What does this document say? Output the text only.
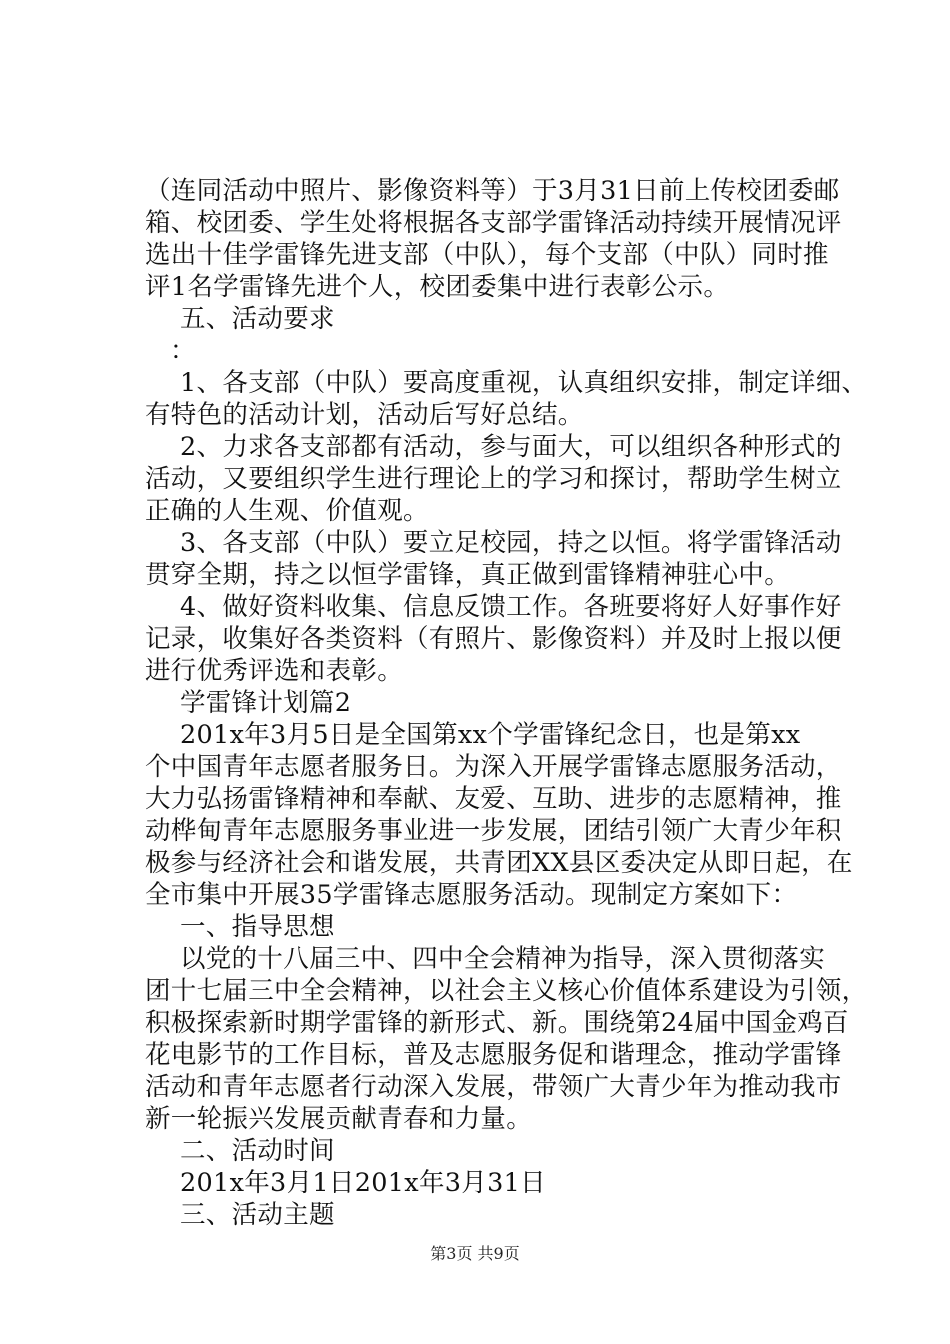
（连同活动中照片、影像资料等）于3月31日前上传校团委邮
箱、校团委、学生处将根据各支部学雷锋活动持续开展情况评
选出十佳学雷锋先进支部（中队），每个支部（中队）同时推
评1名学雷锋先进个人，校团委集中进行表彰公示。
五、活动要求
：
1、各支部（中队）要高度重视，认真组织安排，制定详细、
有特色的活动计划，活动后写好总结。
2、力求各支部都有活动，参与面大，可以组织各种形式的
活动，又要组织学生进行理论上的学习和探讨，帮助学生树立
正确的人生观、价值观。
3、各支部（中队）要立足校园，持之以恒。将学雷锋活动
贯穿全期，持之以恒学雷锋，真正做到雷锋精神驻心中。
4、做好资料收集、信息反馈工作。各班要将好人好事作好
记录，收集好各类资料（有照片、影像资料）并及时上报以便
进行优秀评选和表彰。
学雷锋计划篇2
201x年3月5日是全国第xx个学雷锋纪念日，也是第xx
个中国青年志愿者服务日。为深入开展学雷锋志愿服务活动，
大力弘扬雷锋精神和奉献、友爱、互助、进步的志愿精神，推
动桦甸青年志愿服务事业进一步发展，团结引领广大青少年积
极参与经济社会和谐发展，共青团XX县区委决定从即日起，在
全市集中开展35学雷锋志愿服务活动。现制定方案如下：
一、指导思想
以党的十八届三中、四中全会精神为指导，深入贯彻落实
团十七届三中全会精神，以社会主义核心价值体系建设为引领，
积极探索新时期学雷锋的新形式、新。围绕第24届中国金鸡百
花电影节的工作目标，普及志愿服务促和谐理念，推动学雷锋
活动和青年志愿者行动深入发展，带领广大青少年为推动我市
新一轮振兴发展贡献青春和力量。
二、活动时间
201x年3月1日201x年3月31日
三、活动主题
第3页 共9页
